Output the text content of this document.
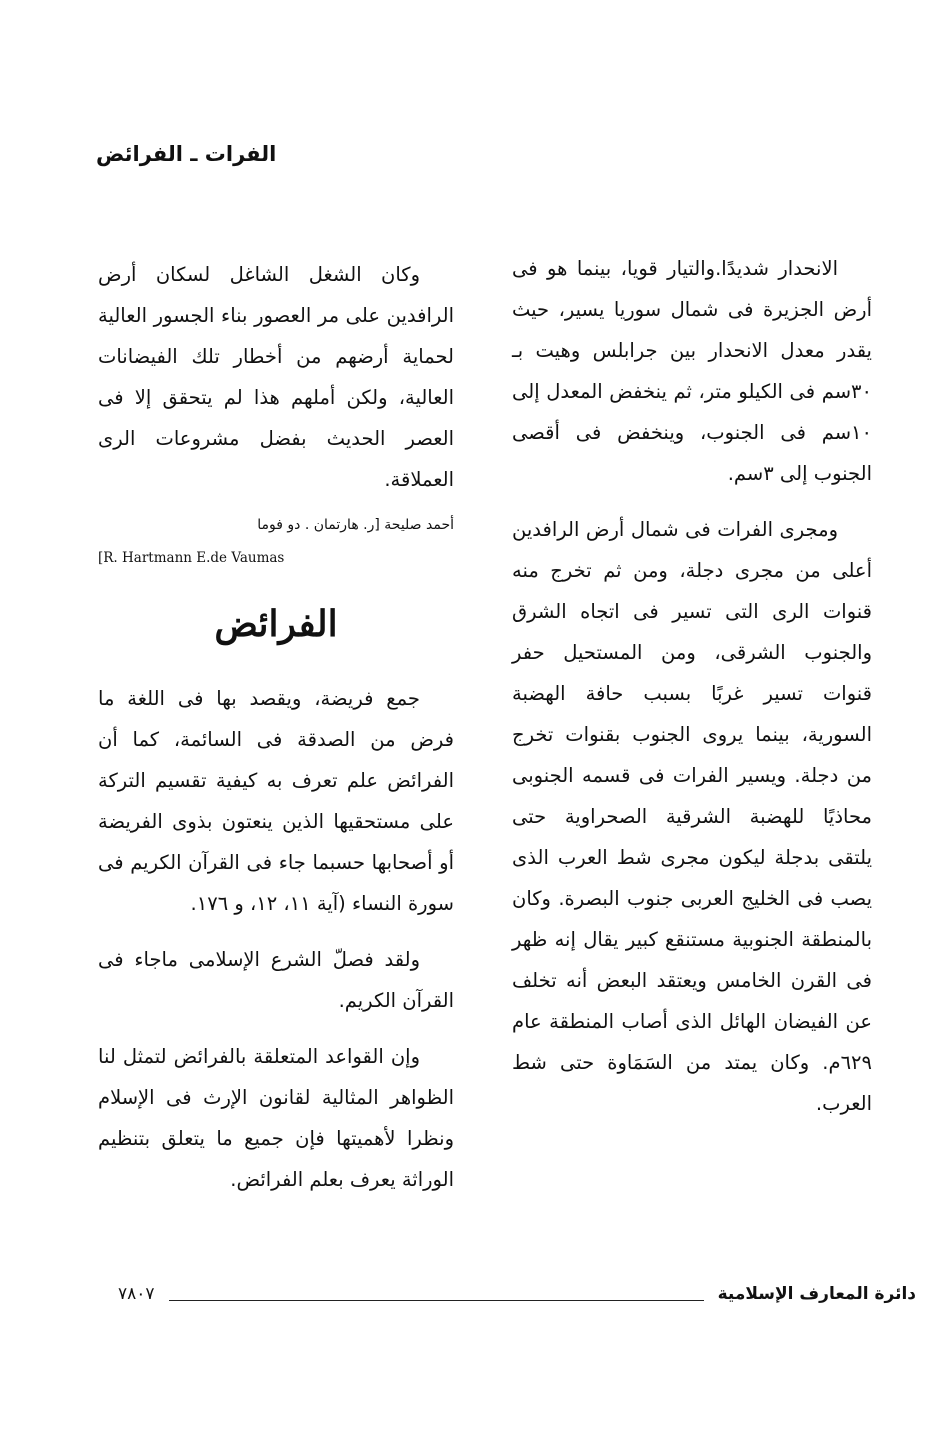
الفرات ـ الفرائض

الانحدار شديدًا.والتيار قويا، بينما هو فى أرض الجزيرة فى شمال سوريا يسير، حيث يقدر معدل الانحدار بين جرابلس وهيت بـ ٣٠سم فى الكيلو متر، ثم ينخفض المعدل إلى ١٠سم فى الجنوب، وينخفض فى أقصى الجنوب إلى ٣سم.

ومجرى الفرات فى شمال أرض الرافدين أعلى من مجرى دجلة، ومن ثم تخرج منه قنوات الرى التى تسير فى اتجاه الشرق والجنوب الشرقى، ومن المستحيل حفر قنوات تسير غربًا بسبب حافة الهضبة السورية، بينما يروى الجنوب بقنوات تخرج من دجلة. ويسير الفرات فى قسمه الجنوبى محاذيًا للهضبة الشرقية الصحراوية حتى يلتقى بدجلة ليكون مجرى شط العرب الذى يصب فى الخليج العربى جنوب البصرة. وكان بالمنطقة الجنوبية مستنقع كبير يقال إنه ظهر فى القرن الخامس ويعتقد البعض أنه تخلف عن الفيضان الهائل الذى أصاب المنطقة عام ٦٢٩م. وكان يمتد من السَمَاوة حتى شط العرب.

وكان الشغل الشاغل لسكان أرض الرافدين على مر العصور بناء الجسور العالية لحماية أرضهم من أخطار تلك الفيضانات العالية، ولكن أملهم هذا لم يتحقق إلا فى العصر الحديث بفضل مشروعات الرى العملاقة.

أحمد صليحة [ر. هارتمان . دو فوما
[R. Hartmann E.de Vaumas
الفرائض

جمع فريضة، ويقصد بها فى اللغة ما فرض من الصدقة فى السائمة، كما أن الفرائض علم تعرف به كيفية تقسيم التركة على مستحقيها الذين ينعتون بذوى الفريضة أو أصحابها حسبما جاء فى القرآن الكريم فى سورة النساء (آية ١١، ١٢، و ١٧٦.

ولقد فصلّ الشرع الإسلامى ماجاء فى القرآن الكريم.

وإن القواعد المتعلقة بالفرائض لتمثل لنا الظواهر المثالية لقانون الإرث فى الإسلام ونظرا لأهميتها فإن جميع ما يتعلق بتنظيم الوراثة يعرف بعلم الفرائض.

دائرة المعارف الإسلامية
٧٨٠٧
